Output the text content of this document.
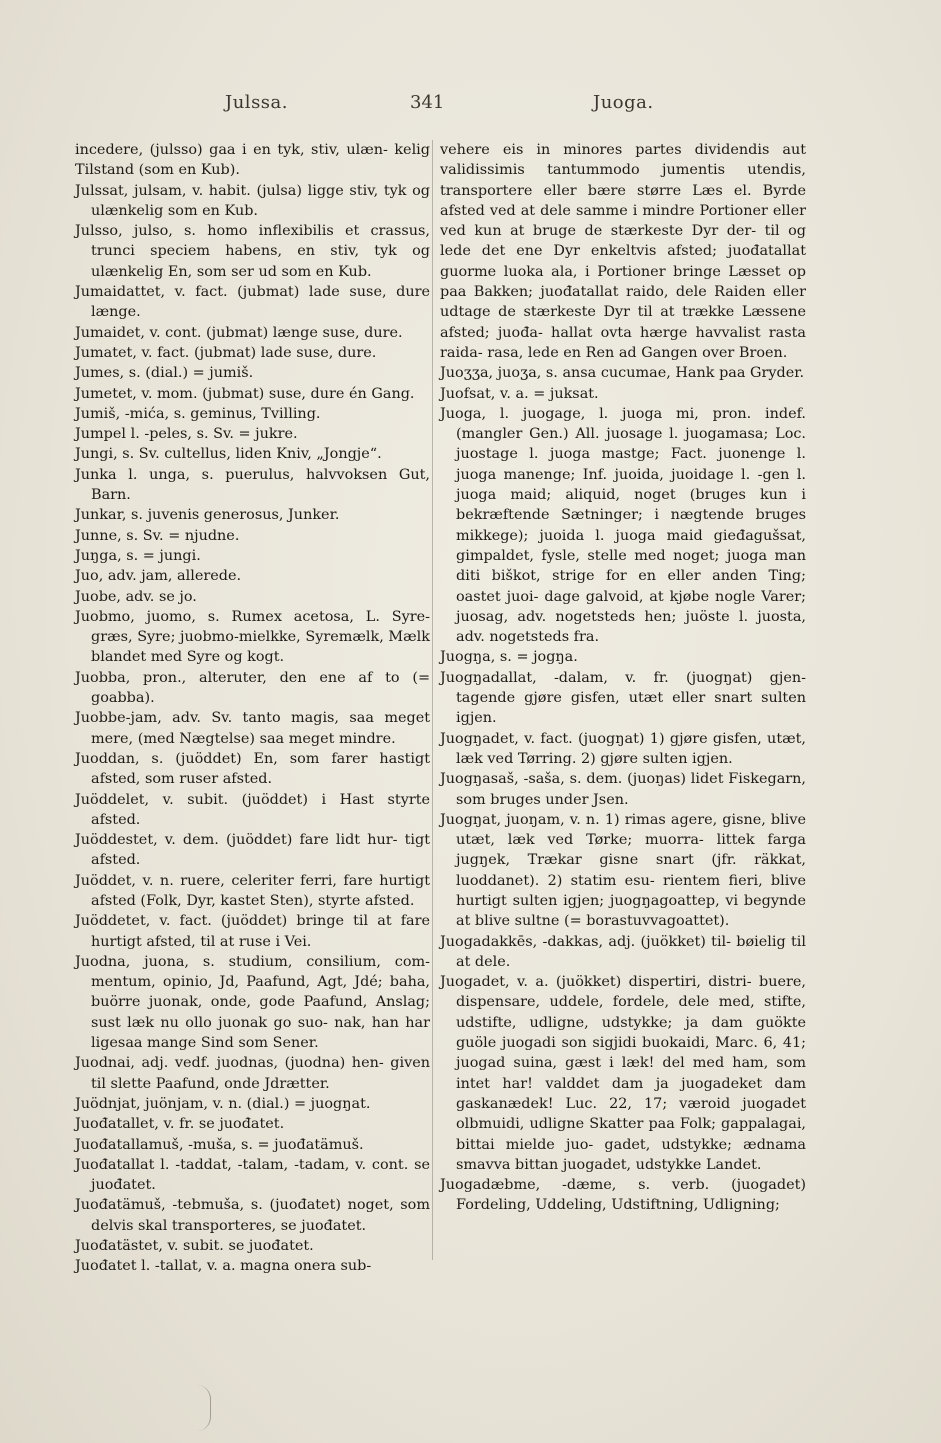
Julssa.	341	Juoga.

incedere, (julsso) gaa i en tyk, stiv, ulæn- kelig Tilstand (som en Kub).

Julssat, julsam, v. habit. (julsa) ligge stiv, tyk og ulænkelig som en Kub.

Julsso, julso, s. homo inflexibilis et crassus, trunci speciem habens, en stiv, tyk og ulænkelig En, som ser ud som en Kub.

Jumaidattet, v. fact. (jubmat) lade suse, dure længe.

Jumaidet, v. cont. (jubmat) længe suse, dure.

Jumatet, v. fact. (jubmat) lade suse, dure.

Jumes, s. (dial.) = jumiš.

Jumetet, v. mom. (jubmat) suse, dure én Gang.

Jumiš, -mića, s. geminus, Tvilling.

Jumpel l. -peles, s. Sv. = jukre.

Jungi, s. Sv. cultellus, liden Kniv, „Jongje“.

Junka l. unga, s. puerulus, halvvoksen Gut, Barn.

Junkar, s. juvenis generosus, Junker.

Junne, s. Sv. = njudne.

Juŋga, s. = jungi.

Juo, adv. jam, allerede.

Juobe, adv. se jo.

Juobmo, juomo, s. Rumex acetosa, L. Syre- græs, Syre; juobmo-mielkke, Syremælk, Mælk blandet med Syre og kogt.

Juobba, pron., alteruter, den ene af to (= goabba).

Juobbe-jam, adv. Sv. tanto magis, saa meget mere, (med Nægtelse) saa meget mindre.

Juoddan, s. (juöddet) En, som farer hastigt afsted, som ruser afsted.

Juöddelet, v. subit. (juöddet) i Hast styrte afsted.

Juöddestet, v. dem. (juöddet) fare lidt hur- tigt afsted.

Juöddet, v. n. ruere, celeriter ferri, fare hurtigt afsted (Folk, Dyr, kastet Sten), styrte afsted.

Juöddetet, v. fact. (juöddet) bringe til at fare hurtigt afsted, til at ruse i Vei.

Juodna, juona, s. studium, consilium, com- mentum, opinio, Jd, Paafund, Agt, Jdé; baha, buörre juonak, onde, gode Paafund, Anslag; sust læk nu ollo juonak go suo- nak, han har ligesaa mange Sind som Sener.

Juodnai, adj. vedf. juodnas, (juodna) hen- given til slette Paafund, onde Jdrætter.

Juödnjat, juönjam, v. n. (dial.) = juogŋat.

Juođatallet, v. fr. se juođatet.

Juođatallamuš, -muša, s. = juođatämuš.

Juođatallat l. -taddat, -talam, -tadam, v. cont. se juođatet.

Juođatämuš, -tebmuša, s. (juođatet) noget, som delvis skal transporteres, se juođatet.

Juođatästet, v. subit. se juođatet.

Juođatet l. -tallat, v. a. magna onera sub-

vehere eis in minores partes dividendis aut validissimis tantummodo jumentis utendis, transportere eller bære større Læs el. Byrde afsted ved at dele samme i mindre Portioner eller ved kun at bruge de stærkeste Dyr der- til og lede det ene Dyr enkeltvis afsted; juođatallat guorme luoka ala, i Portioner bringe Læsset op paa Bakken; juođatallat raido, dele Raiden eller udtage de stærkeste Dyr til at trække Læssene afsted; juođa- hallat ovta hærge havvalist rasta raida- rasa, lede en Ren ad Gangen over Broen.

Juoʒʒa, juoʒa, s. ansa cucumae, Hank paa Gryder.

Juofsat, v. a. = juksat.

Juoga, l. juogage, l. juoga mi, pron. indef. (mangler Gen.) All. juosage l. juogamasa; Loc. juostage l. juoga mastge; Fact. juonenge l. juoga manenge; Inf. juoida, juoidage l. -gen l. juoga maid; aliquid, noget (bruges kun i bekræftende Sætninger; i nægtende bruges mikkege); juoida l. juoga maid gieđagušsat, gimpaldet, fysle, stelle med noget; juoga man diti biškot, strige for en eller anden Ting; oastet juoi- dage galvoid, at kjøbe nogle Varer; juosag, adv. nogetsteds hen; juöste l. juosta, adv. nogetsteds fra.

Juogŋa, s. = jogŋa.

Juogŋadallat, -dalam, v. fr. (juogŋat) gjen- tagende gjøre gisfen, utæt eller snart sulten igjen.

Juogŋadet, v. fact. (juogŋat) 1) gjøre gisfen, utæt, læk ved Tørring. 2) gjøre sulten igjen.

Juogŋasaš, -saša, s. dem. (juoŋas) lidet Fiskegarn, som bruges under Jsen.

Juogŋat, juoŋam, v. n. 1) rimas agere, gisne, blive utæt, læk ved Tørke; muorra- littek farga jugŋek, Trækar gisne snart (jfr. räkkat, luoddanet). 2) statim esu- rientem fieri, blive hurtigt sulten igjen; juogŋagoattep, vi begynde at blive sultne (= borastuvvagoattet).

Juogadakkēs, -dakkas, adj. (juökket) til- bøielig til at dele.

Juogadet, v. a. (juökket) dispertiri, distri- buere, dispensare, uddele, fordele, dele med, stifte, udstifte, udligne, udstykke; ja dam guökte guöle juogadi son sigjidi buokaidi, Marc. 6, 41; juogad suina, gæst i læk! del med ham, som intet har! valddet dam ja juogadeket dam gaskanædek! Luc. 22, 17; væroid juogadet olbmuidi, udligne Skatter paa Folk; gappalagai, bittai mielde juo- gadet, udstykke; ædnama smavva bittan juogadet, udstykke Landet.

Juogadæbme, -dæme, s. verb. (juogadet) Fordeling, Uddeling, Udstiftning, Udligning;
